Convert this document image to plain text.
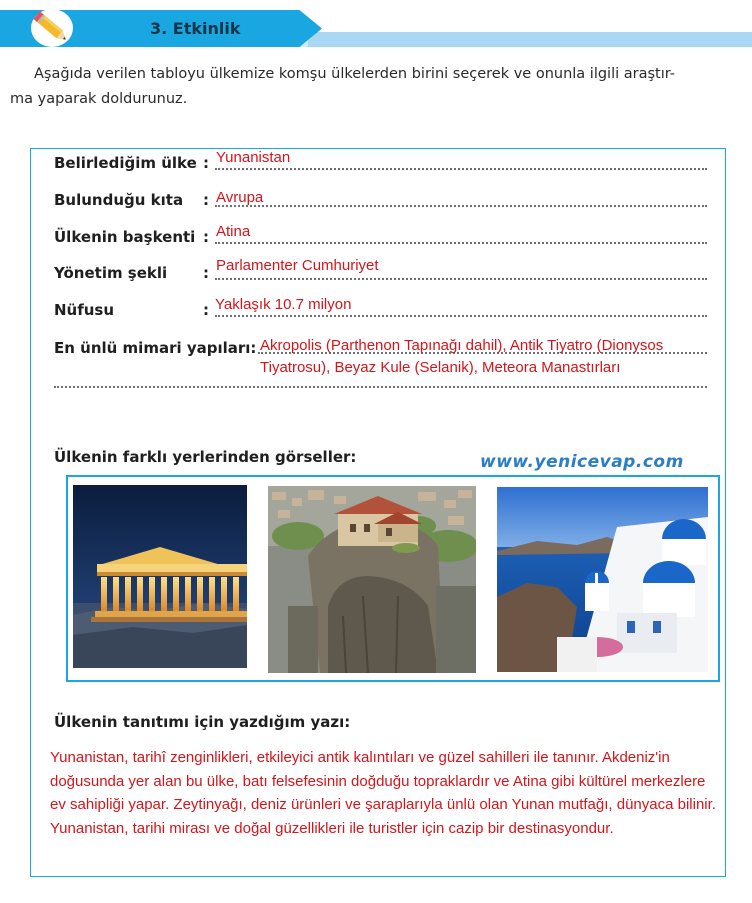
3. Etkinlik
Aşağıda verilen tabloyu ülkemize komşu ülkelerden birini seçerek ve onunla ilgili araştır-
ma yaparak doldurunuz.
Belirlediğim ülke : Yunanistan
Bulunduğu kıta : Avrupa
Ülkenin başkenti : Atina
Yönetim şekli : Parlamenter Cumhuriyet
Nüfusu	: Yaklaşık 10.7 milyon
En ünlü mimari yapıları: Akropolis (Parthenon Tapınağı dahil), Antik Tiyatro (Dionysos
Tiyatrosu), Beyaz Kule (Selanik), Meteora Manastırları
Ülkenin farklı yerlerinden görseller:	www.yenicevap.com
Ülkenin tanıtımı için yazdığım yazı:
Yunanistan, tarihî zenginlikleri, etkileyici antik kalıntıları ve güzel sahilleri ile tanınır. Akdeniz'in doğusunda yer alan bu ülke, batı felsefesinin doğduğu topraklardır ve Atina gibi kültürel merkezlere ev sahipliği yapar. Zeytinyağı, deniz ürünleri ve şaraplarıyla ünlü olan Yunan mutfağı, dünyaca bilinir. Yunanistan, tarihi mirası ve doğal güzellikleri ile turistler için cazip bir destinasyondur.
